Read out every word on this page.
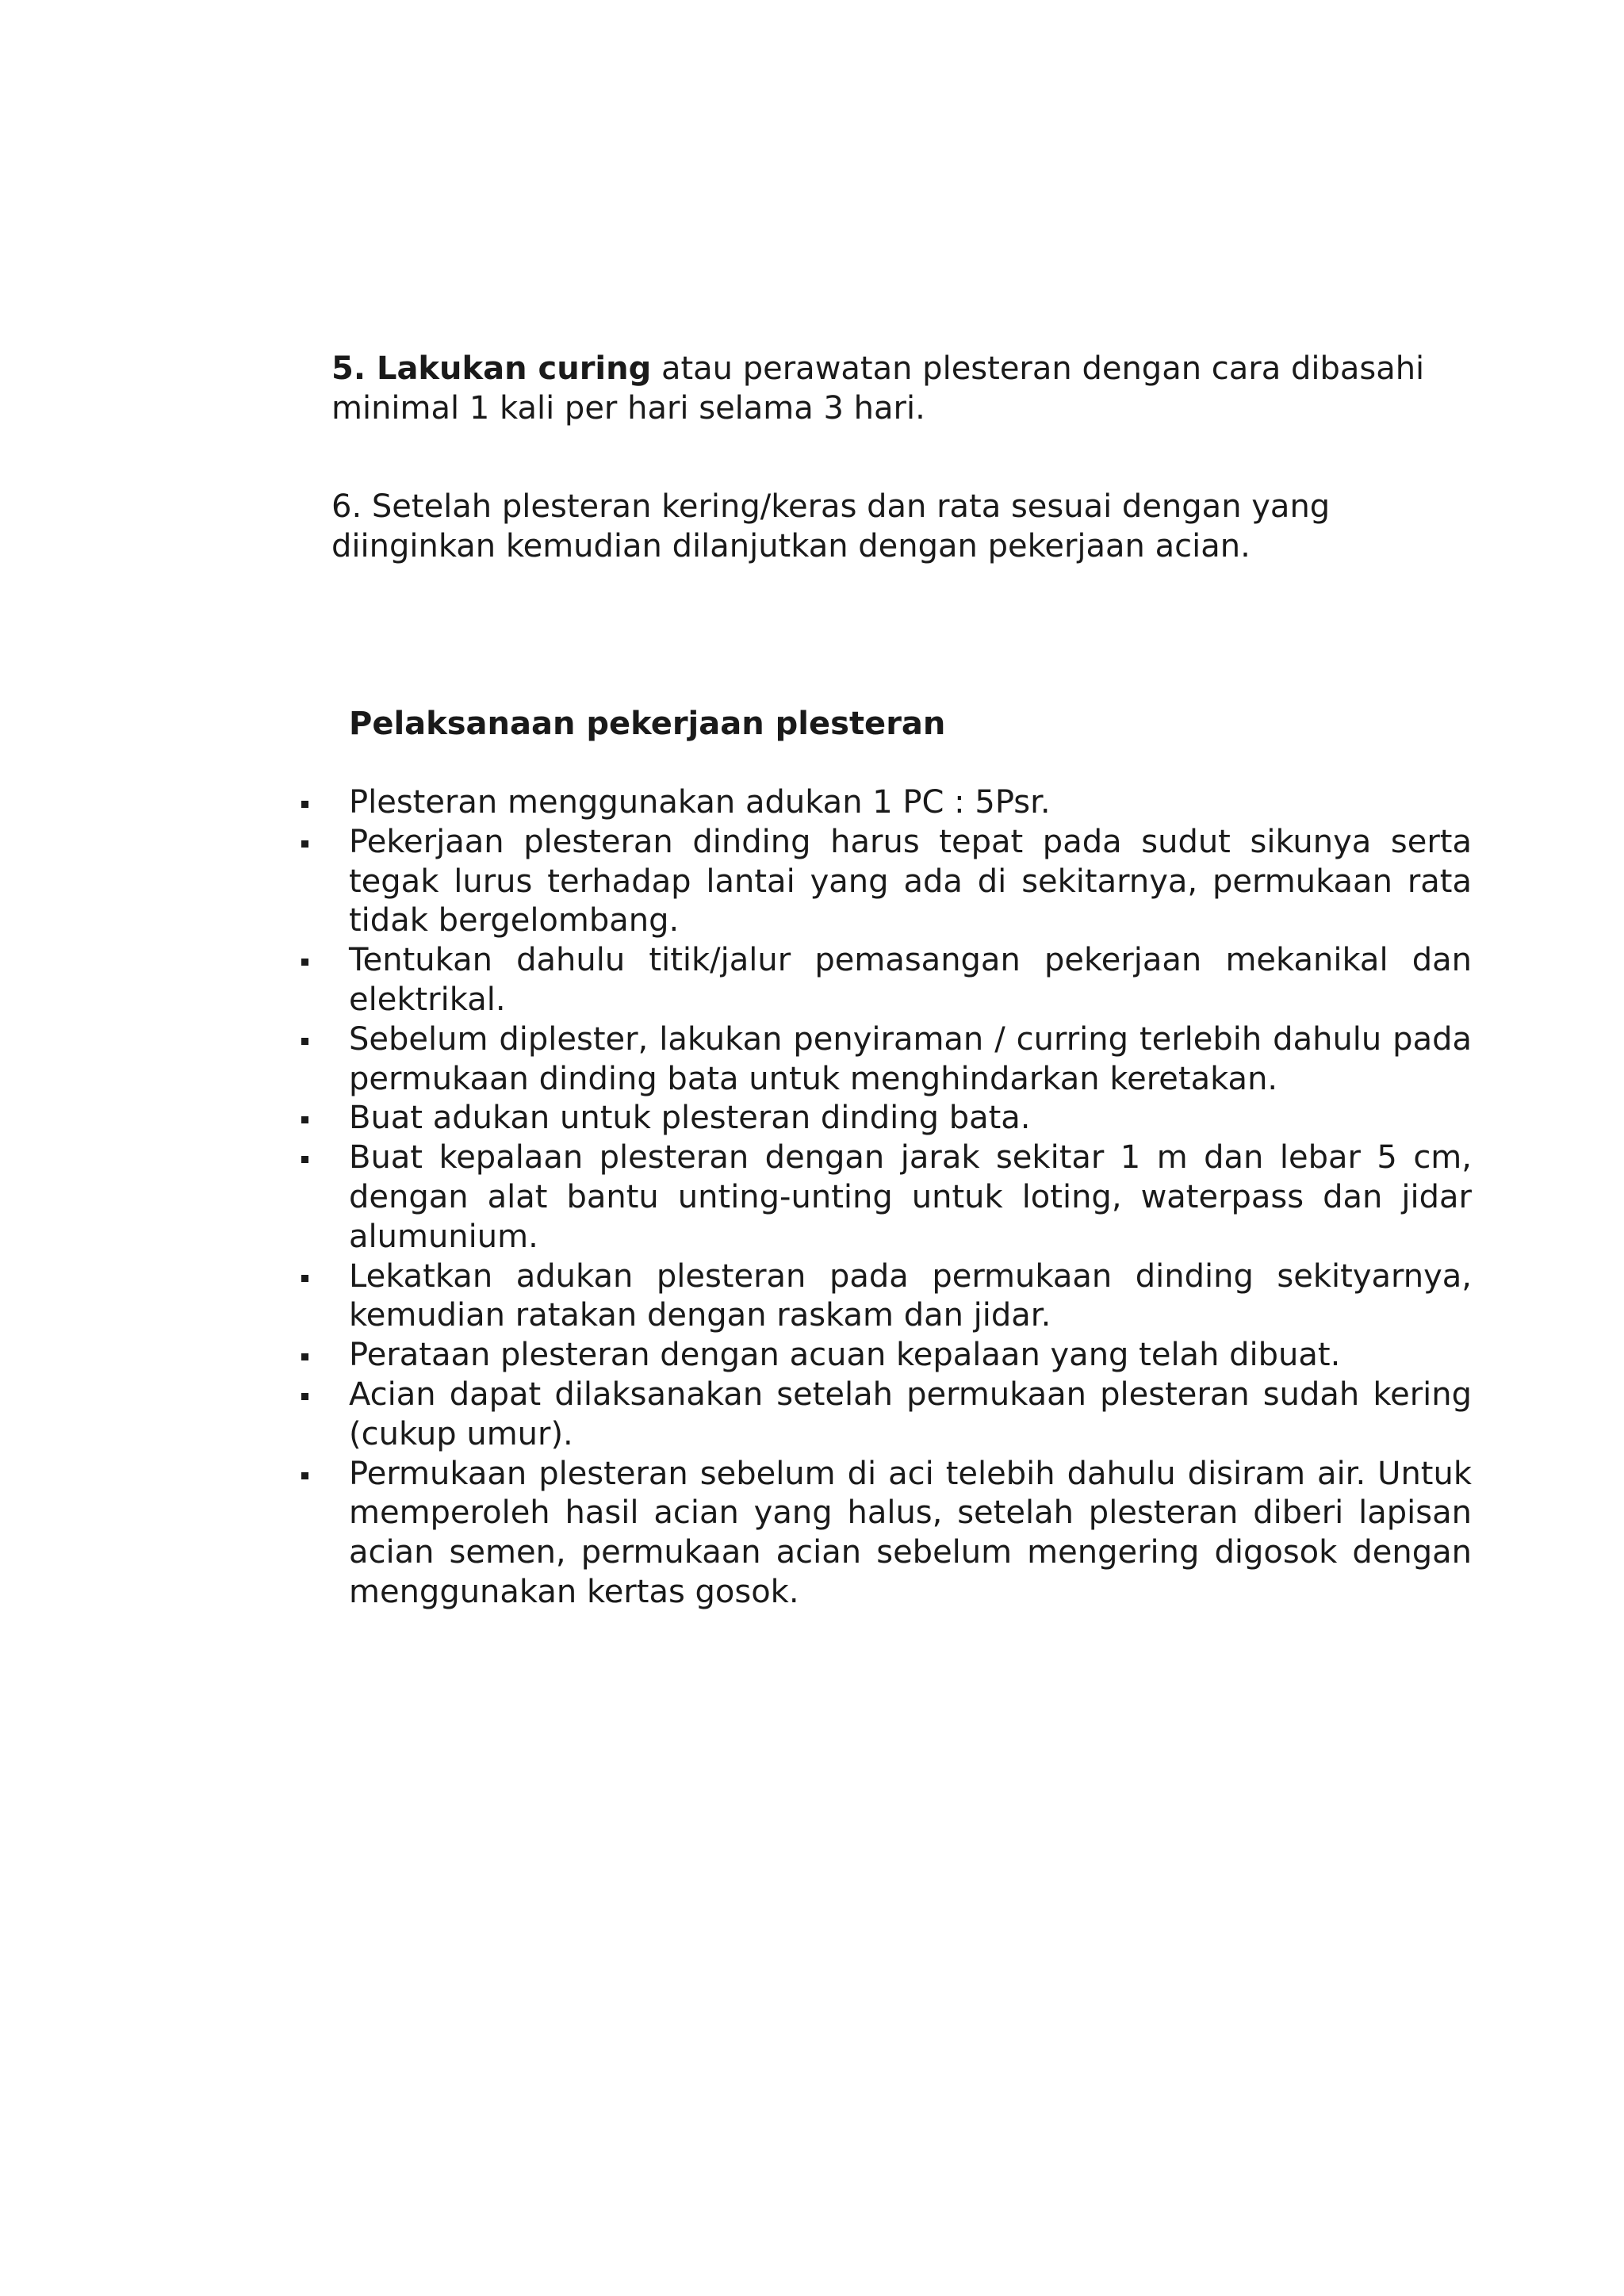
5. Lakukan curing atau perawatan plesteran dengan cara dibasahi minimal 1 kali per hari selama 3 hari.

6. Setelah plesteran kering/keras dan rata sesuai dengan yang diinginkan kemudian dilanjutkan dengan pekerjaan acian.

Pelaksanaan pekerjaan plesteran

Plesteran menggunakan adukan 1 PC : 5Psr.
Pekerjaan plesteran dinding harus tepat pada sudut sikunya serta tegak lurus terhadap lantai yang ada di sekitarnya, permukaan rata tidak bergelombang.
Tentukan dahulu titik/jalur pemasangan pekerjaan mekanikal dan elektrikal.
Sebelum diplester, lakukan penyiraman / curring terlebih dahulu pada permukaan dinding bata untuk menghindarkan keretakan.
Buat adukan untuk plesteran dinding bata.
Buat kepalaan plesteran dengan jarak sekitar 1 m dan lebar 5 cm, dengan alat bantu unting-unting untuk loting, waterpass dan jidar alumunium.
Lekatkan adukan plesteran pada permukaan dinding sekityarnya, kemudian ratakan dengan raskam dan jidar.
Perataan plesteran dengan acuan kepalaan yang telah dibuat.
Acian dapat dilaksanakan setelah permukaan plesteran sudah kering (cukup umur).
Permukaan plesteran sebelum di aci telebih dahulu disiram air. Untuk memperoleh hasil acian yang halus, setelah plesteran diberi lapisan acian semen, permukaan acian sebelum mengering digosok dengan menggunakan kertas gosok.
